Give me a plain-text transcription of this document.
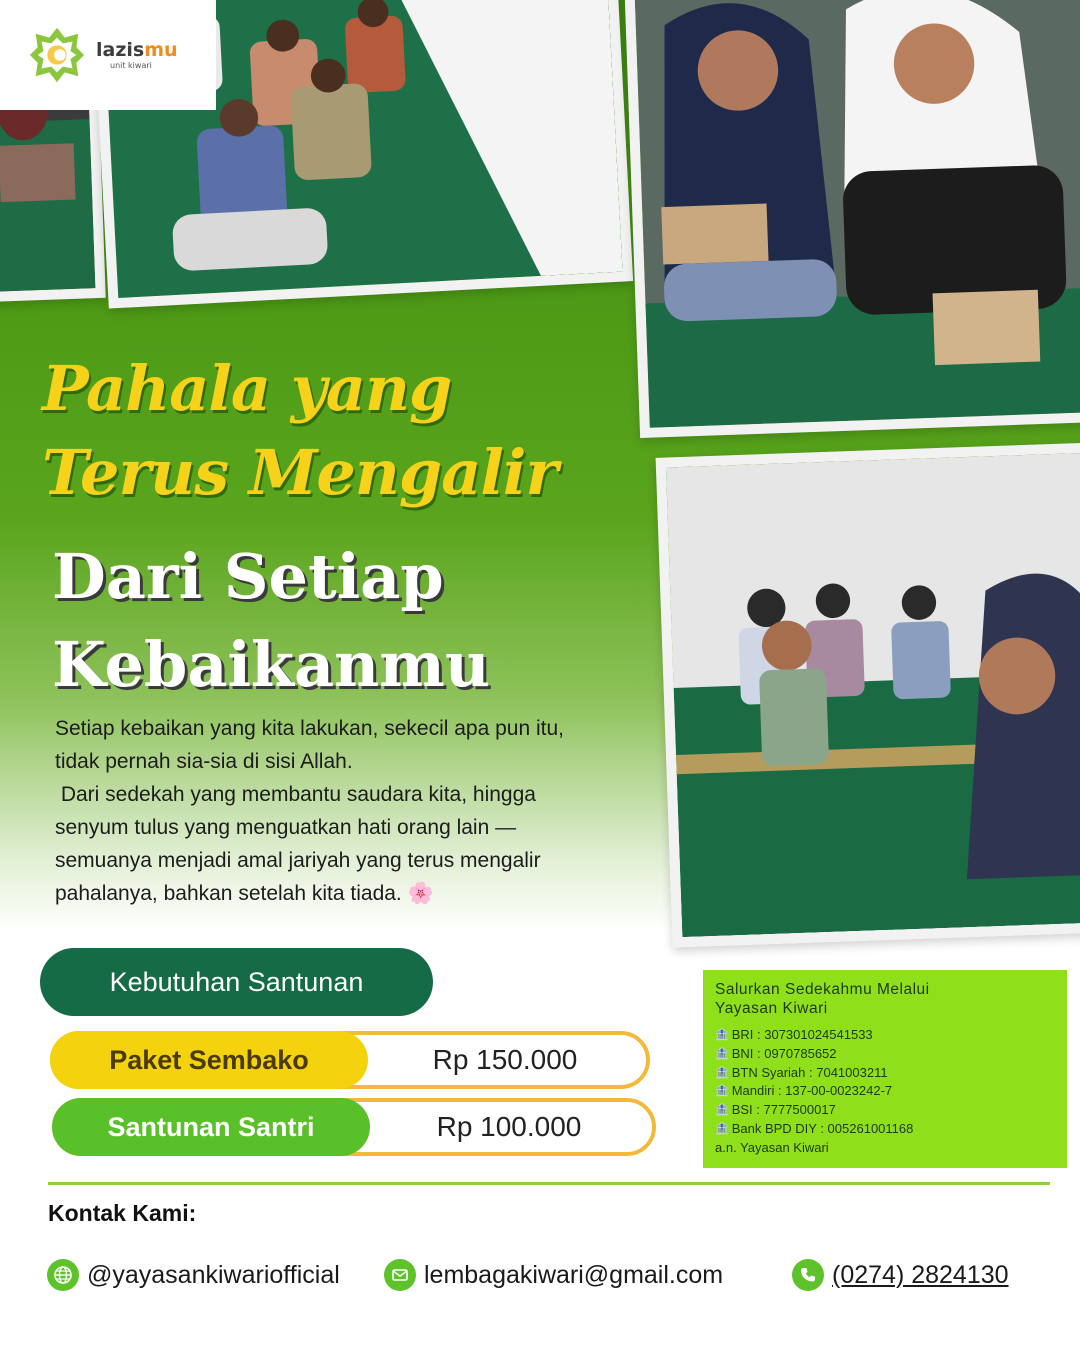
lazismu
unit kiwari
Pahala yang
Terus Mengalir
Dari Setiap
Kebaikanmu

Setiap kebaikan yang kita lakukan, sekecil apa pun itu,

tidak pernah sia-sia di sisi Allah.

Dari sedekah yang membantu saudara kita, hingga

senyum tulus yang menguatkan hati orang lain —

semuanya menjadi amal jariyah yang terus mengalir

pahalanya, bahkan setelah kita tiada. 🌸

Kebutuhan Santunan
Paket Sembako	Rp 150.000
Santunan Santri	Rp 100.000
Salurkan Sedekahmu Melalui
Yayasan Kiwari
🏦 BRI : 307301024541533
🏦 BNI : 0970785652
🏦 BTN Syariah : 7041003211
🏦 Mandiri : 137-00-0023242-7
🏦 BSI : 7777500017
🏦 Bank BPD DIY : 005261001168
a.n. Yayasan Kiwari
Kontak Kami:
@yayasankiwariofficial	lembagakiwari@gmail.com	(0274) 2824130
